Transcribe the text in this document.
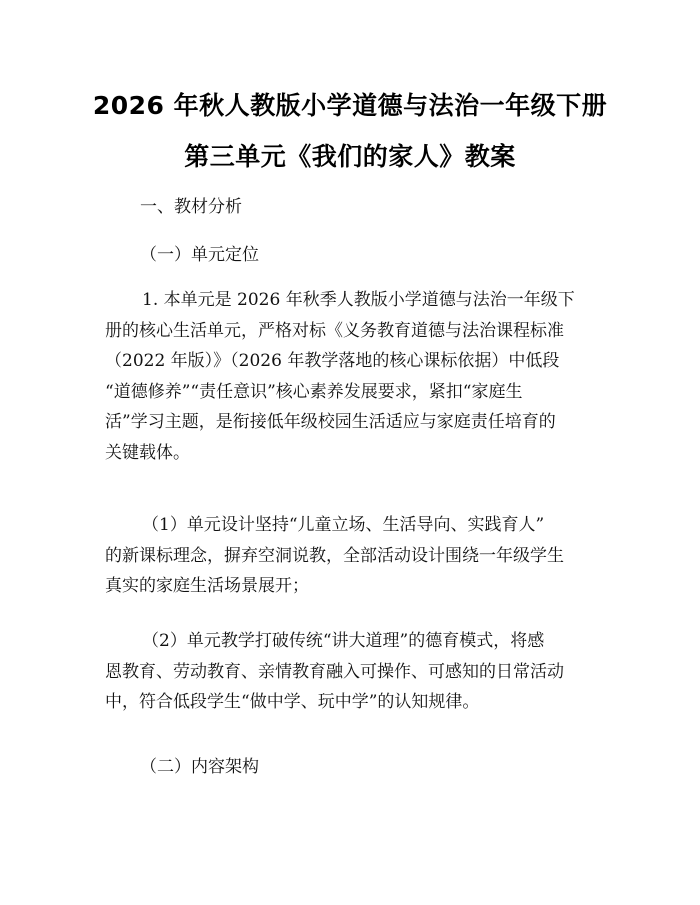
2026 年秋人教版小学道德与法治一年级下册
第三单元《我们的家人》教案
一、教材分析
（一）单元定位
1. 本单元是 2026 年秋季人教版小学道德与法治一年级下
册的核心生活单元，严格对标《义务教育道德与法治课程标准
（2022 年版）》（2026 年教学落地的核心课标依据）中低段
“道德修养”“责任意识”核心素养发展要求，紧扣“家庭生
活”学习主题，是衔接低年级校园生活适应与家庭责任培育的
关键载体。
（1）单元设计坚持“儿童立场、生活导向、实践育人”
的新课标理念，摒弃空洞说教，全部活动设计围绕一年级学生
真实的家庭生活场景展开；
（2）单元教学打破传统“讲大道理”的德育模式，将感
恩教育、劳动教育、亲情教育融入可操作、可感知的日常活动
中，符合低段学生“做中学、玩中学”的认知规律。
（二）内容架构
